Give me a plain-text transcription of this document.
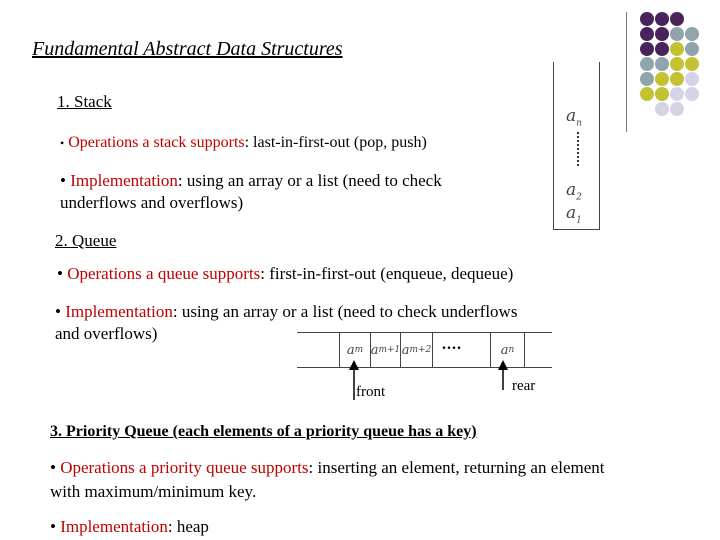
Fundamental Abstract Data Structures
1. Stack
• Operations a stack supports: last-in-first-out (pop, push)
• Implementation: using an array or a list (need to check
underflows and overflows)
$a_n$
$a_2$
$a_1$
2. Queue
• Operations a queue supports: first-in-first-out (enqueue, dequeue)
• Implementation: using an array or a list (need to check underflows
and overflows)
a m a m+1 a m+2 ....	a n
front	rear
3. Priority Queue (each elements of a priority queue has a key)
• Operations a priority queue supports: inserting an element, returning an element
with maximum/minimum key.
• Implementation: heap
